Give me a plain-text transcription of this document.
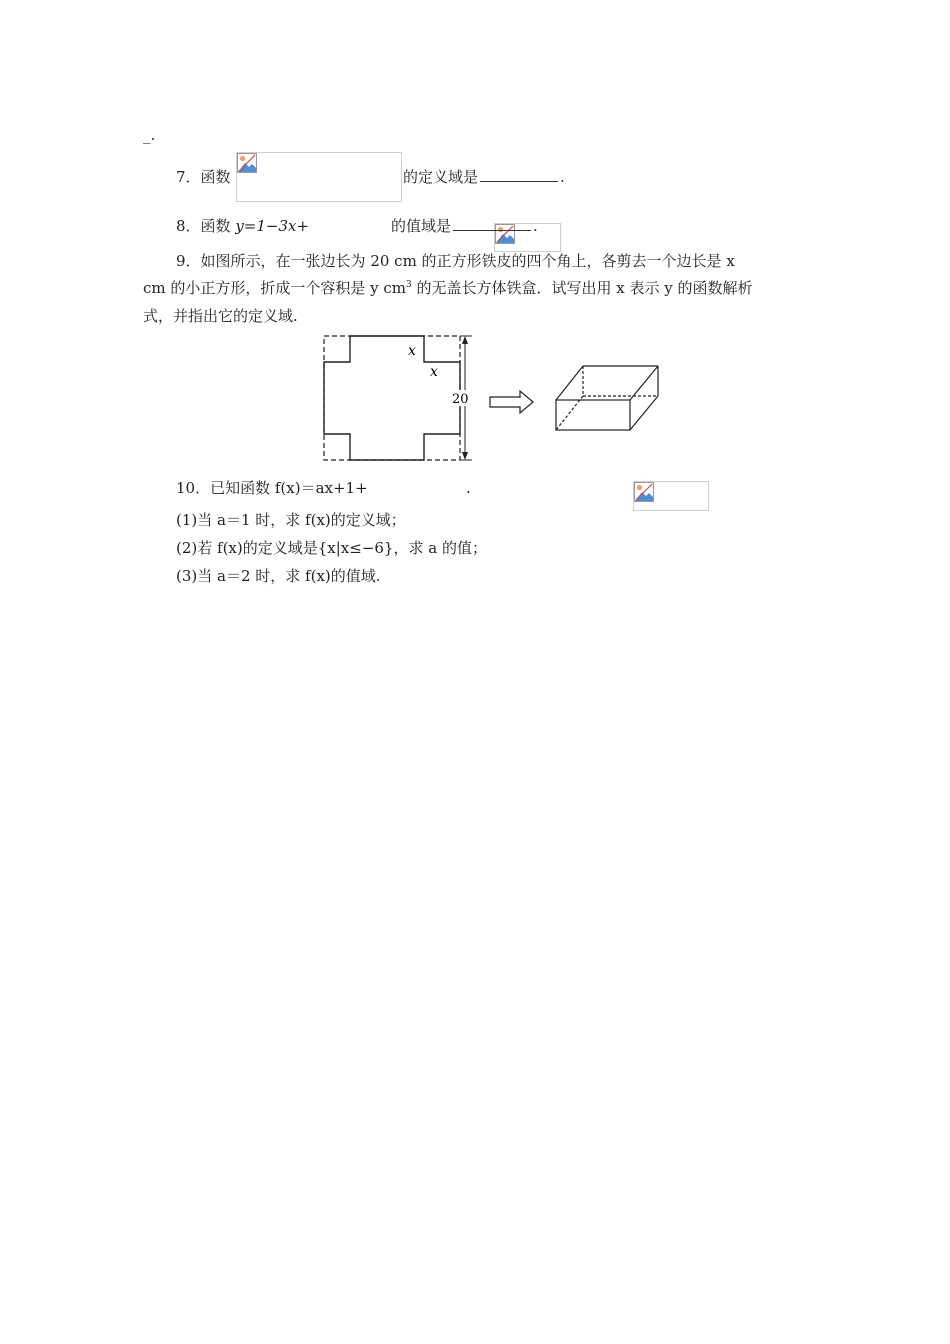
_.
7．函数
	的定义域是	.
8．函数 y=1−3x+
	的值域是	.
9．如图所示，在一张边长为 20 cm 的正方形铁皮的四个角上，各剪去一个边长是 x
cm 的小正方形，折成一个容积是 y $cm^3$ 的无盖长方体铁盒．试写出用 x 表示 y 的函数解析
式，并指出它的定义域.
x
x
20
10．已知函数 f(x)＝ax+1+	.
(1)当 a＝1 时，求 f(x)的定义域；
(2)若 f(x)的定义域是{x|x≤−6}，求 a 的值；
(3)当 a＝2 时，求 f(x)的值域.
